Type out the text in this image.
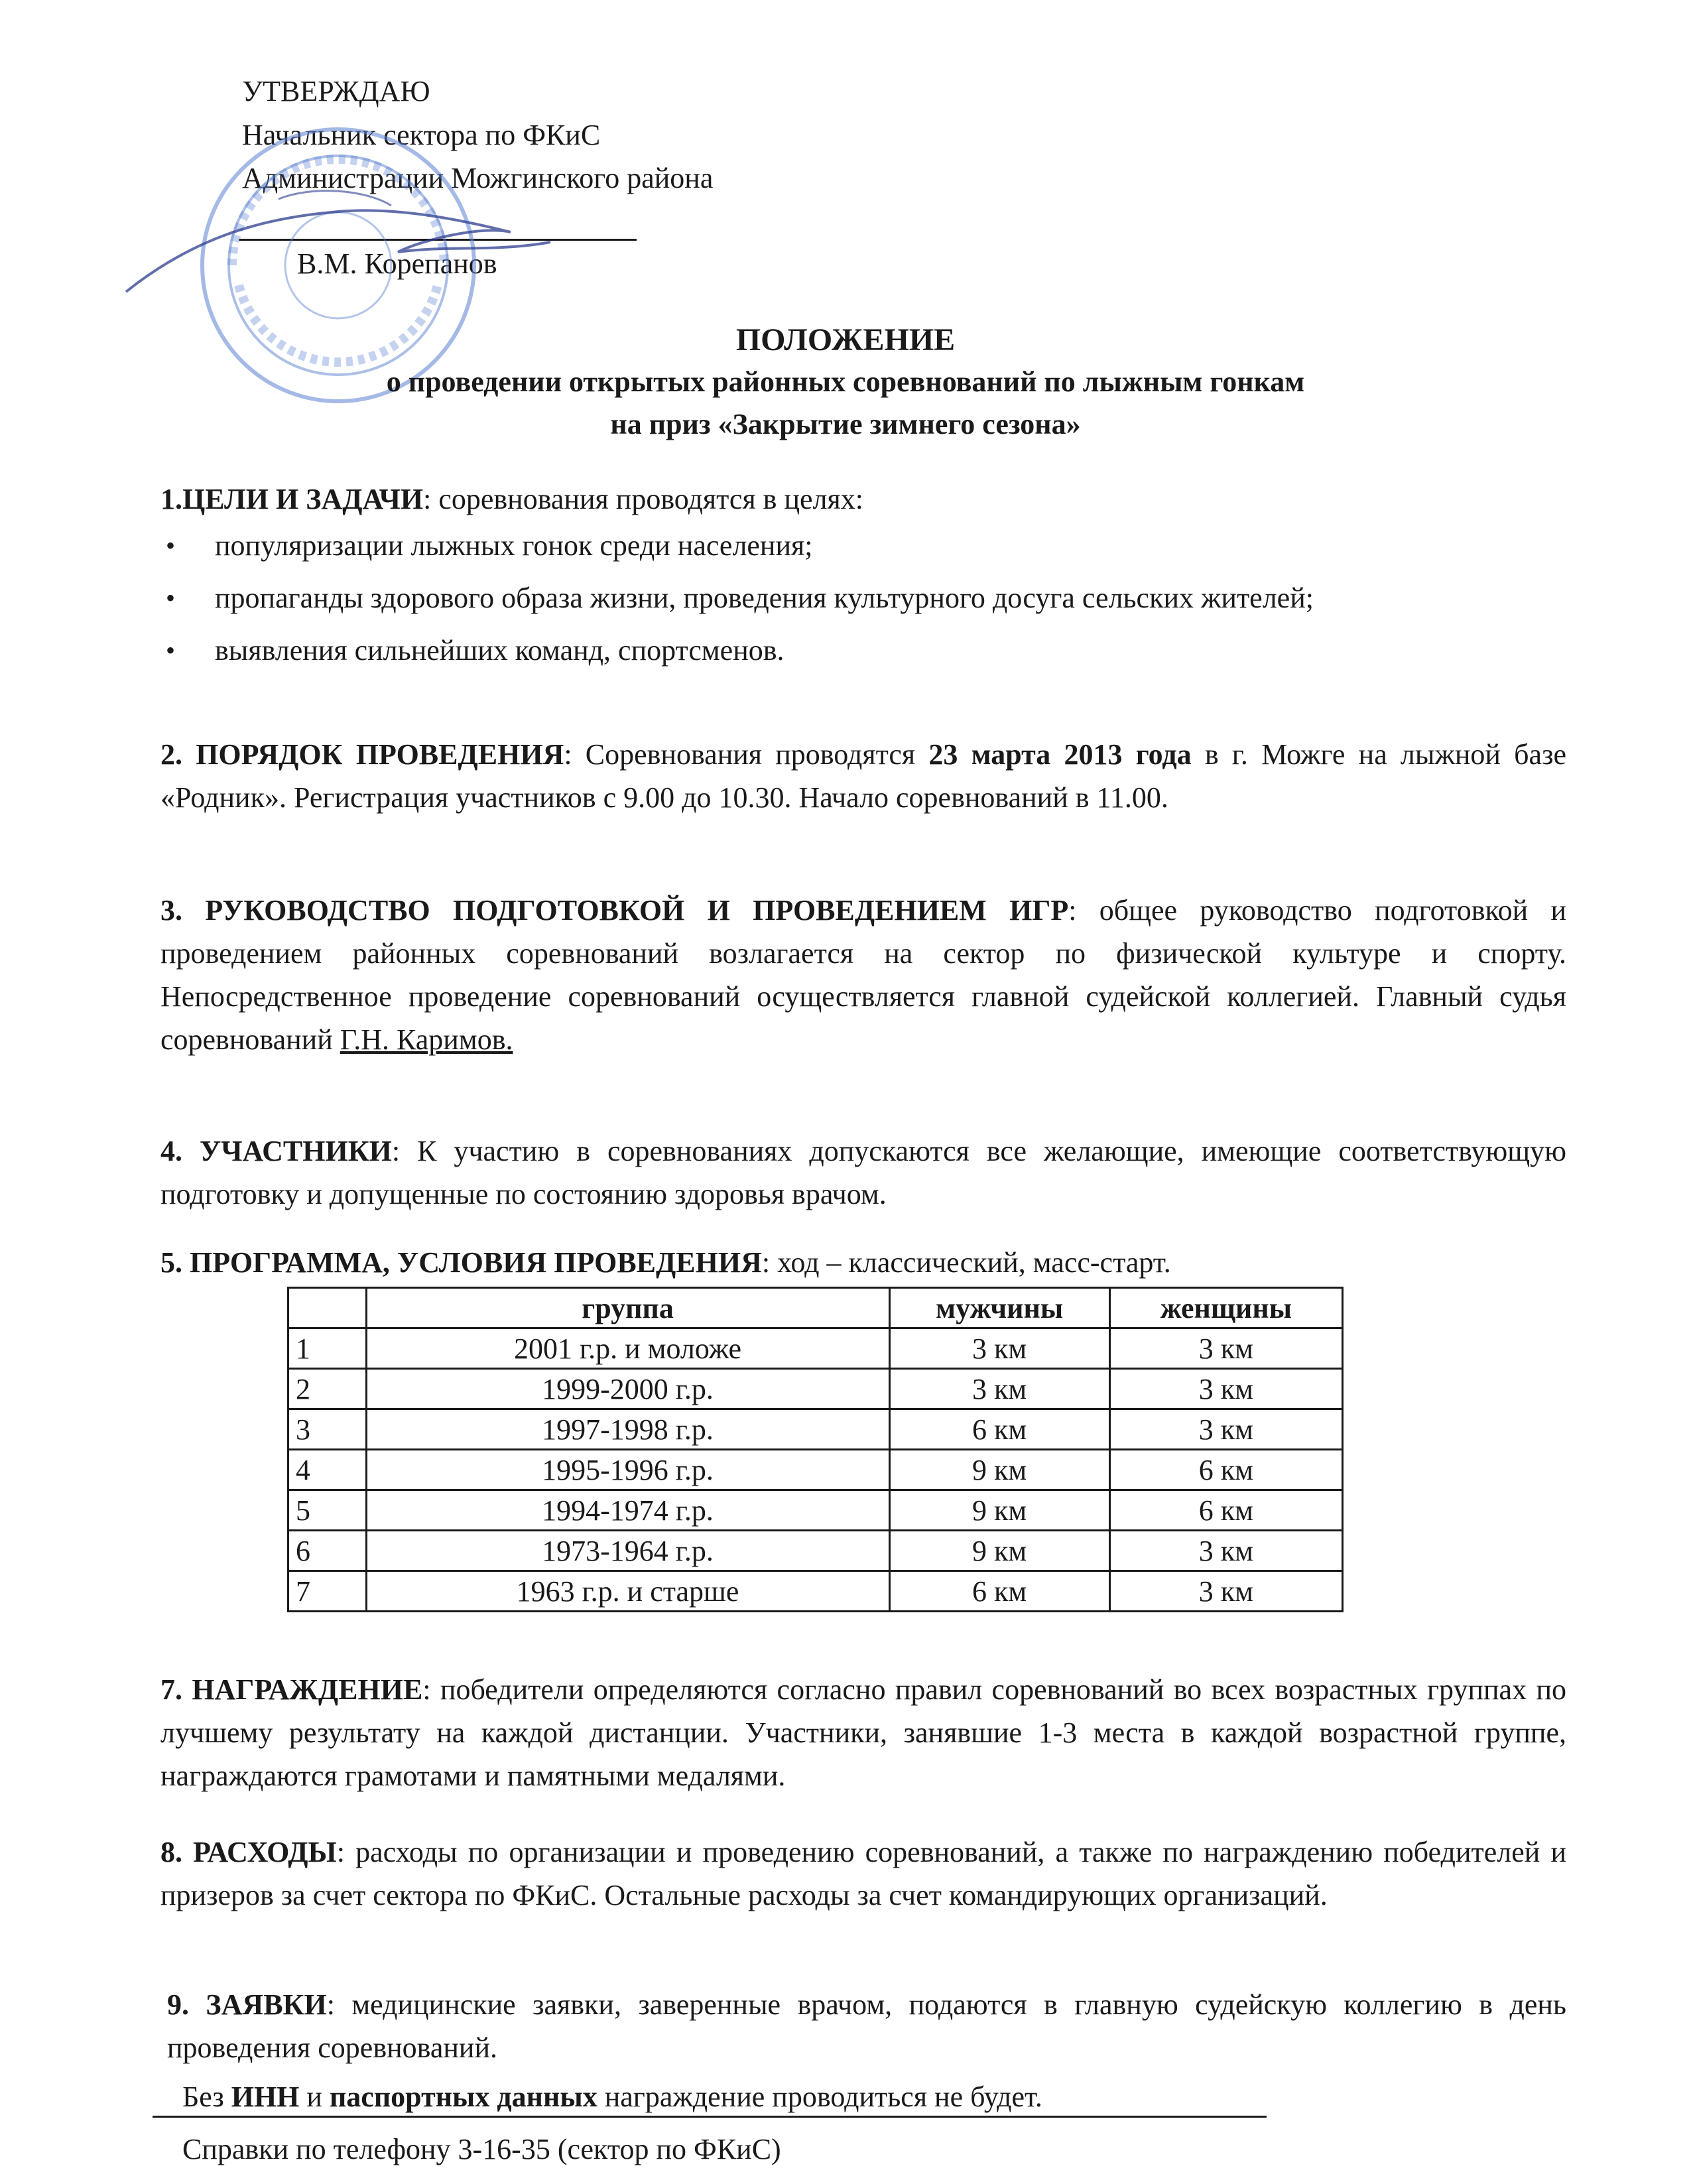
УТВЕРЖДАЮ
Начальник сектора по ФКиС
Администрации Можгинского района
В.М. Корепанов
ПОЛОЖЕНИЕ
о проведении открытых районных соревнований по лыжным гонкам
на приз «Закрытие зимнего сезона»
1.ЦЕЛИ И ЗАДАЧИ: соревнования проводятся в целях:
• популяризации лыжных гонок среди населения;
• пропаганды здорового образа жизни, проведения культурного досуга сельских жителей;
• выявления сильнейших команд, спортсменов.
2. ПОРЯДОК ПРОВЕДЕНИЯ: Соревнования проводятся 23 марта 2013 года в г. Можге на лыжной базе «Родник». Регистрация участников с 9.00 до 10.30. Начало соревнований в 11.00.
3. РУКОВОДСТВО ПОДГОТОВКОЙ И ПРОВЕДЕНИЕМ ИГР: общее руководство подготовкой и проведением районных соревнований возлагается на сектор по физической культуре и спорту. Непосредственное проведение соревнований осуществляется главной судейской коллегией. Главный судья соревнований Г.Н. Каримов.
4. УЧАСТНИКИ: К участию в соревнованиях допускаются все желающие, имеющие соответствующую подготовку и допущенные по состоянию здоровья врачом.
5. ПРОГРАММА, УСЛОВИЯ ПРОВЕДЕНИЯ: ход – классический, масс-старт.
	группа	мужчины	женщины
1	2001 г.р. и моложе	3 км	3 км
2	1999-2000 г.р.	3 км	3 км
3	1997-1998 г.р.	6 км	3 км
4	1995-1996 г.р.	9 км	6 км
5	1994-1974 г.р.	9 км	6 км
6	1973-1964 г.р.	9 км	3 км
7	1963 г.р. и старше	6 км	3 км
7. НАГРАЖДЕНИЕ: победители определяются согласно правил соревнований во всех возрастных группах по лучшему результату на каждой дистанции. Участники, занявшие 1-3 места в каждой возрастной группе, награждаются грамотами и памятными медалями.
8. РАСХОДЫ: расходы по организации и проведению соревнований, а также по награждению победителей и призеров за счет сектора по ФКиС. Остальные расходы за счет командирующих организаций.
9. ЗАЯВКИ: медицинские заявки, заверенные врачом, подаются в главную судейскую коллегию в день проведения соревнований.
Без ИНН и паспортных данных награждение проводиться не будет.
Справки по телефону 3-16-35 (сектор по ФКиС)
